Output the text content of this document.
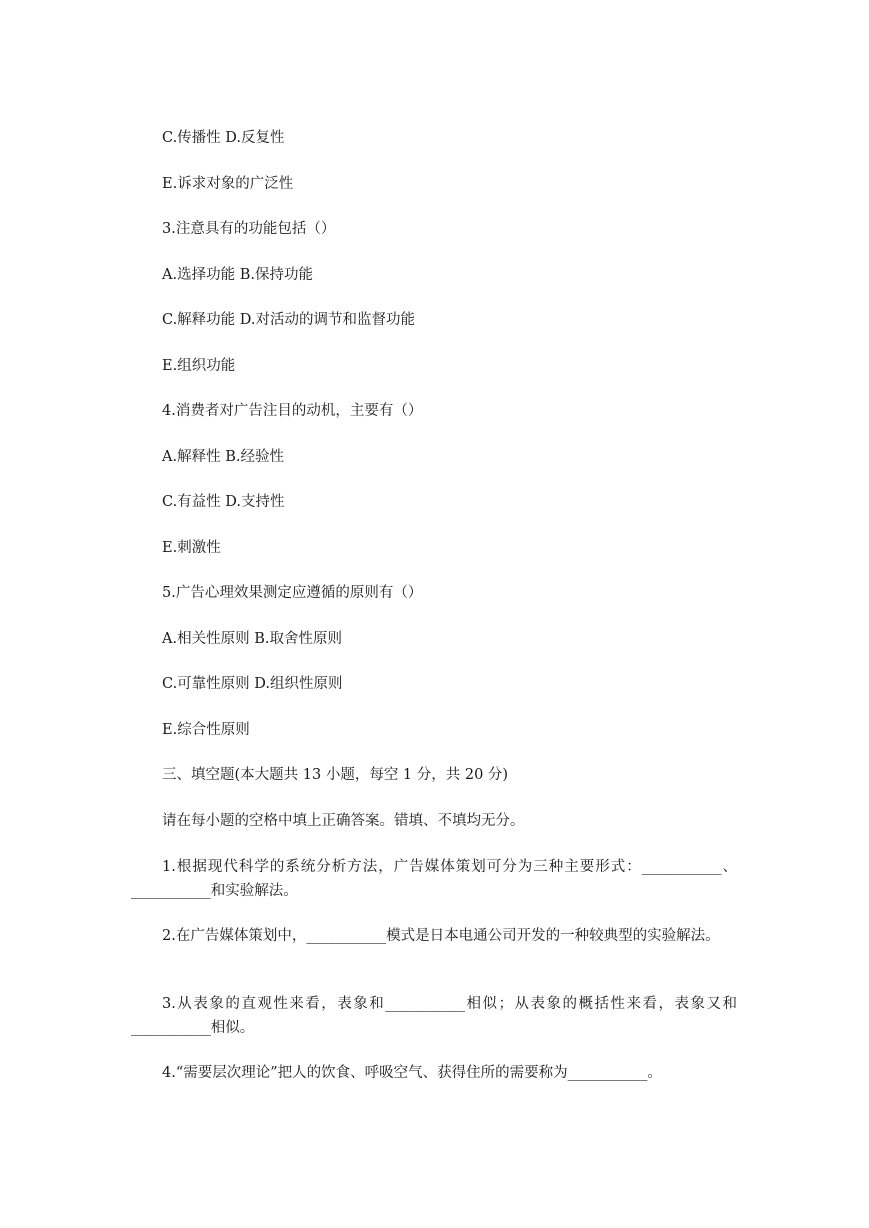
C.传播性 D.反复性
E.诉求对象的广泛性
3.注意具有的功能包括（）
A.选择功能 B.保持功能
C.解释功能 D.对活动的调节和监督功能
E.组织功能
4.消费者对广告注目的动机，主要有（）
A.解释性 B.经验性
C.有益性 D.支持性
E.刺激性
5.广告心理效果测定应遵循的原则有（）
A.相关性原则 B.取舍性原则
C.可靠性原则 D.组织性原则
E.综合性原则
三、填空题(本大题共 13 小题，每空 1 分，共 20 分)
请在每小题的空格中填上正确答案。错填、不填均无分。
1.根据现代科学的系统分析方法，广告媒体策划可分为三种主要形式：___________、___________和实验解法。
2.在广告媒体策划中，___________模式是日本电通公司开发的一种较典型的实验解法。
3.从表象的直观性来看，表象和___________相似；从表象的概括性来看，表象又和___________相似。
4.“需要层次理论”把人的饮食、呼吸空气、获得住所的需要称为___________。
